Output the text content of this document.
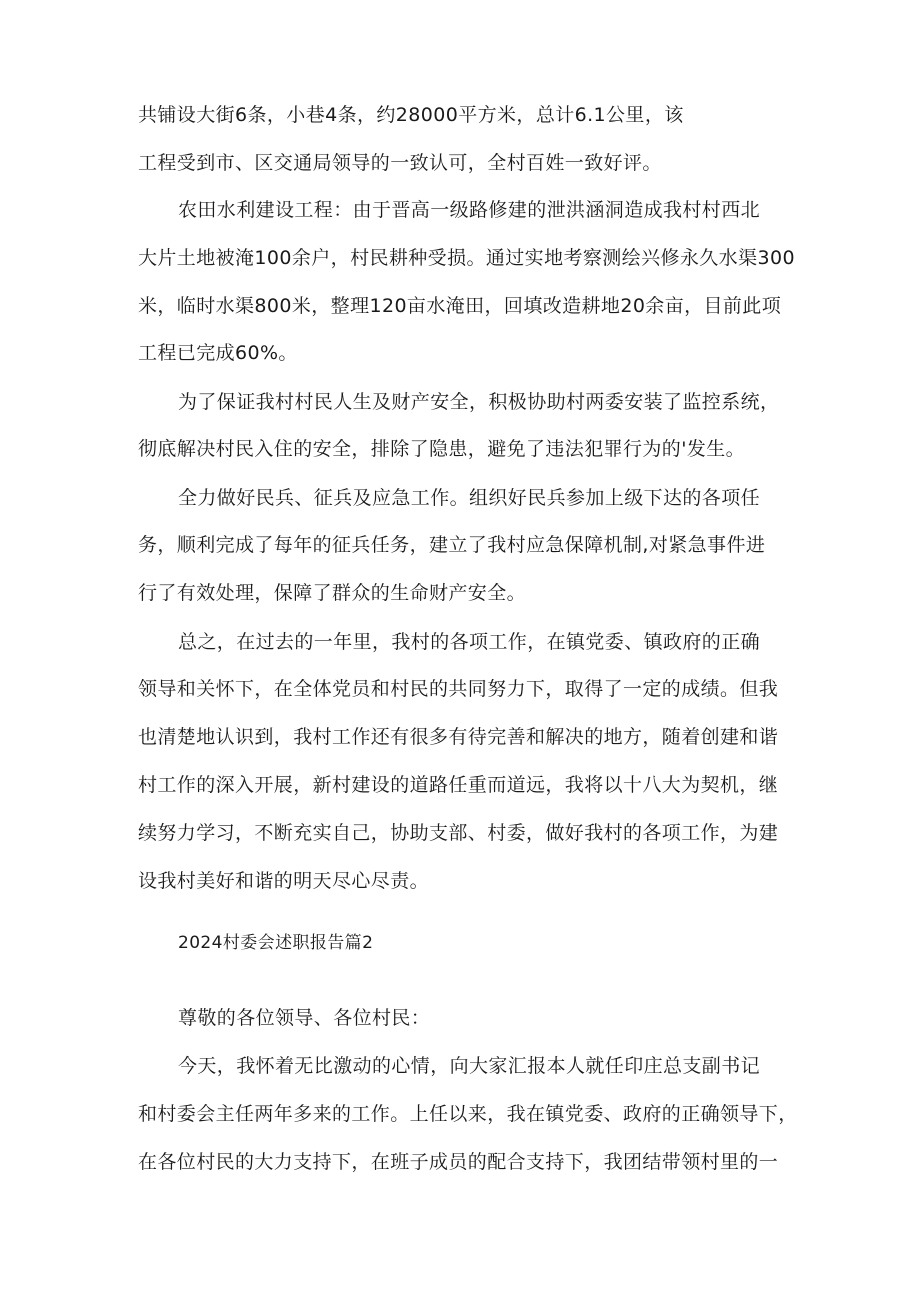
共铺设大街6条，小巷4条，约28000平方米，总计6.1公里，该
工程受到市、区交通局领导的一致认可，全村百姓一致好评。
农田水利建设工程：由于晋高一级路修建的泄洪涵洞造成我村村西北
大片土地被淹100余户，村民耕种受损。通过实地考察测绘兴修永久水渠300
米，临时水渠800米，整理120亩水淹田，回填改造耕地20余亩，目前此项
工程已完成60%。
为了保证我村村民人生及财产安全，积极协助村两委安装了监控系统，
彻底解决村民入住的安全，排除了隐患，避免了违法犯罪行为的'发生。
全力做好民兵、征兵及应急工作。组织好民兵参加上级下达的各项任
务，顺利完成了每年的征兵任务，建立了我村应急保障机制,对紧急事件进
行了有效处理，保障了群众的生命财产安全。
总之，在过去的一年里，我村的各项工作，在镇党委、镇政府的正确
领导和关怀下，在全体党员和村民的共同努力下，取得了一定的成绩。但我
也清楚地认识到，我村工作还有很多有待完善和解决的地方，随着创建和谐
村工作的深入开展，新村建设的道路任重而道远，我将以十八大为契机，继
续努力学习，不断充实自己，协助支部、村委，做好我村的各项工作，为建
设我村美好和谐的明天尽心尽责。
2024村委会述职报告篇2
尊敬的各位领导、各位村民：
今天，我怀着无比激动的心情，向大家汇报本人就任印庄总支副书记
和村委会主任两年多来的工作。上任以来，我在镇党委、政府的正确领导下，
在各位村民的大力支持下，在班子成员的配合支持下，我团结带领村里的一
